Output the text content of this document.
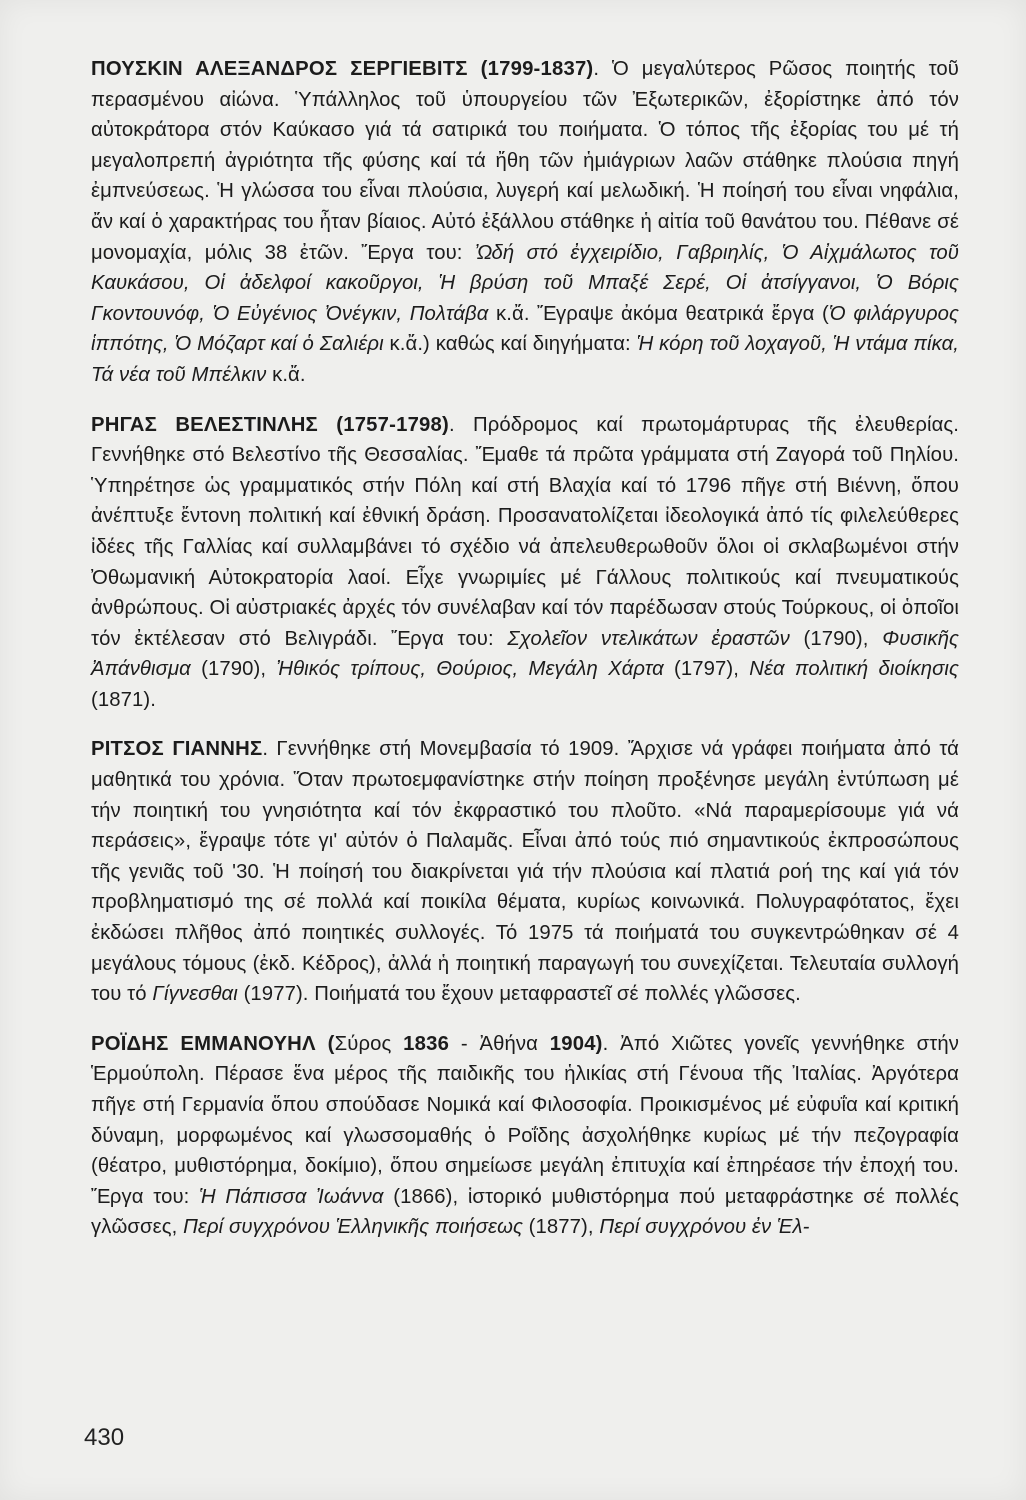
ΠΟΥΣΚΙΝ ΑΛΕΞΑΝΔΡΟΣ ΣΕΡΓΙΕΒΙΤΣ (1799-1837). Ὁ μεγαλύτερος Ρῶσος ποιητής τοῦ περασμένου αἰώνα. Ὑπάλληλος τοῦ ὑπουργείου τῶν Ἐξωτερικῶν, ἐξορίστηκε ἀπό τόν αὐτοκράτορα στόν Καύκασο γιά τά σατιρικά του ποιήματα. Ὁ τόπος τῆς ἐξορίας του μέ τή μεγαλοπρεπή ἀγριότητα τῆς φύσης καί τά ἤθη τῶν ἡμιάγριων λαῶν στάθηκε πλούσια πηγή ἐμπνεύσεως. Ἡ γλώσσα του εἶναι πλούσια, λυγερή καί μελωδική. Ἡ ποίησή του εἶναι νηφάλια, ἄν καί ὁ χαρακτήρας του ἦταν βίαιος. Αὐτό ἐξάλλου στάθηκε ἡ αἰτία τοῦ θανάτου του. Πέθανε σέ μονομαχία, μόλις 38 ἐτῶν. Ἔργα του: Ὠδή στό ἐγχειρίδιο, Γαβριηλίς, Ὁ Αἰχμάλωτος τοῦ Καυκάσου, Οἱ ἀδελφοί κακοῦργοι, Ἡ βρύση τοῦ Μπαξέ Σερέ, Οἱ ἀτσίγγανοι, Ὁ Βόρις Γκοντουνόφ, Ὁ Εὐγένιος Ὀνέγκιν, Πολτάβα κ.ἄ. Ἔγραψε ἀκόμα θεατρικά ἔργα (Ὁ φιλάργυρος ἱππότης, Ὁ Μόζαρτ καί ὁ Σαλιέρι κ.ἄ.) καθώς καί διηγήματα: Ἡ κόρη τοῦ λοχαγοῦ, Ἡ ντάμα πίκα, Τά νέα τοῦ Μπέλκιν κ.ἄ.

ΡΗΓΑΣ ΒΕΛΕΣΤΙΝΛΗΣ (1757-1798). Πρόδρομος καί πρωτομάρτυρας τῆς ἐλευθερίας. Γεννήθηκε στό Βελεστίνο τῆς Θεσσαλίας. Ἔμαθε τά πρῶτα γράμματα στή Ζαγορά τοῦ Πηλίου. Ὑπηρέτησε ὡς γραμματικός στήν Πόλη καί στή Βλαχία καί τό 1796 πῆγε στή Βιέννη, ὅπου ἀνέπτυξε ἔντονη πολιτική καί ἐθνική δράση. Προσανατολίζεται ἰδεολογικά ἀπό τίς φιλελεύθερες ἰδέες τῆς Γαλλίας καί συλλαμβάνει τό σχέδιο νά ἀπελευθερωθοῦν ὅλοι οἱ σκλαβωμένοι στήν Ὀθωμανική Αὐτοκρατορία λαοί. Εἶχε γνωριμίες μέ Γάλλους πολιτικούς καί πνευματικούς ἀνθρώπους. Οἱ αὐστριακές ἀρχές τόν συνέλαβαν καί τόν παρέδωσαν στούς Τούρκους, οἱ ὁποῖοι τόν ἐκτέλεσαν στό Βελιγράδι. Ἔργα του: Σχολεῖον ντελικάτων ἐραστῶν (1790), Φυσικῆς Ἀπάνθισμα (1790), Ἠθικός τρίπους, Θούριος, Μεγάλη Χάρτα (1797), Νέα πολιτική διοίκησις (1871).

ΡΙΤΣΟΣ ΓΙΑΝΝΗΣ. Γεννήθηκε στή Μονεμβασία τό 1909. Ἄρχισε νά γράφει ποιήματα ἀπό τά μαθητικά του χρόνια. Ὅταν πρωτοεμφανίστηκε στήν ποίηση προξένησε μεγάλη ἐντύπωση μέ τήν ποιητική του γνησιότητα καί τόν ἐκφραστικό του πλοῦτο. «Νά παραμερίσουμε γιά νά περάσεις», ἔγραψε τότε γι' αὐτόν ὁ Παλαμᾶς. Εἶναι ἀπό τούς πιό σημαντικούς ἐκπροσώπους τῆς γενιᾶς τοῦ '30. Ἡ ποίησή του διακρίνεται γιά τήν πλούσια καί πλατιά ροή της καί γιά τόν προβληματισμό της σέ πολλά καί ποικίλα θέματα, κυρίως κοινωνικά. Πολυγραφότατος, ἔχει ἐκδώσει πλῆθος ἀπό ποιητικές συλλογές. Τό 1975 τά ποιήματά του συγκεντρώθηκαν σέ 4 μεγάλους τόμους (ἐκδ. Κέδρος), ἀλλά ἡ ποιητική παραγωγή του συνεχίζεται. Τελευταία συλλογή του τό Γίγνεσθαι (1977). Ποιήματά του ἔχουν μεταφραστεῖ σέ πολλές γλῶσσες.

ΡΟΪΔΗΣ ΕΜΜΑΝΟΥΗΛ (Σύρος 1836 - Ἀθήνα 1904). Ἀπό Χιῶτες γονεῖς γεννήθηκε στήν Ἑρμούπολη. Πέρασε ἕνα μέρος τῆς παιδικῆς του ἡλικίας στή Γένουα τῆς Ἰταλίας. Ἀργότερα πῆγε στή Γερμανία ὅπου σπούδασε Νομικά καί Φιλοσοφία. Προικισμένος μέ εὐφυΐα καί κριτική δύναμη, μορφωμένος καί γλωσσομαθής ὁ Ροΐδης ἀσχολήθηκε κυρίως μέ τήν πεζογραφία (θέατρο, μυθιστόρημα, δοκίμιο), ὅπου σημείωσε μεγάλη ἐπιτυχία καί ἐπηρέασε τήν ἐποχή του. Ἔργα του: Ἡ Πάπισσα Ἰωάννα (1866), ἱστορικό μυθιστόρημα πού μεταφράστηκε σέ πολλές γλῶσσες, Περί συγχρόνου Ἑλληνικῆς ποιήσεως (1877), Περί συγχρόνου ἐν Ἑλ-

430
